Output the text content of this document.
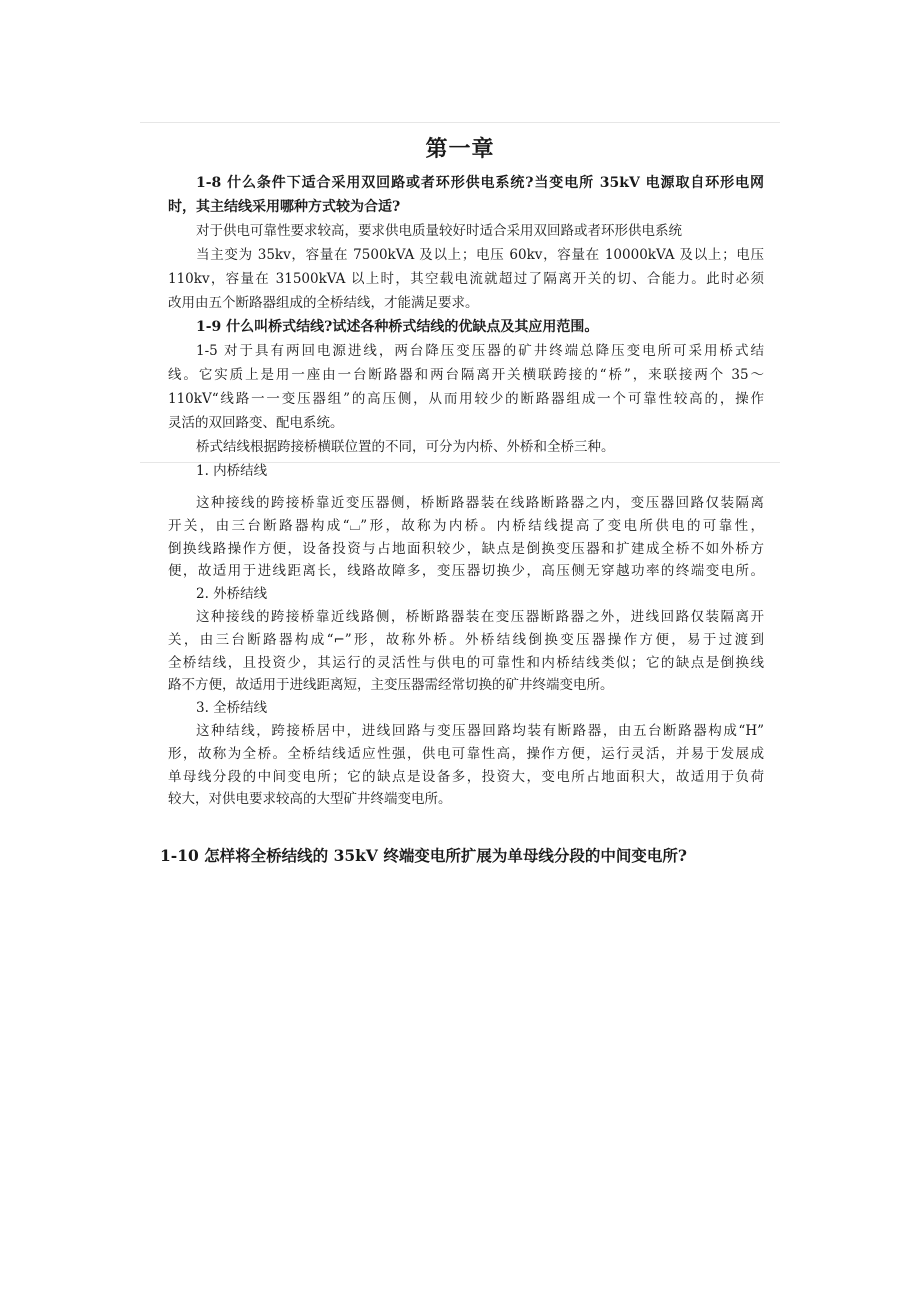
第一章
1-8 什么条件下适合采用双回路或者环形供电系统?当变电所 35kV 电源取自环形电网
时，其主结线采用哪种方式较为合适?
对于供电可靠性要求较高，要求供电质量较好时适合采用双回路或者环形供电系统
当主变为 35kv，容量在 7500kVA 及以上；电压 60kv，容量在 10000kVA 及以上；电压
110kv，容量在 31500kVA 以上时，其空载电流就超过了隔离开关的切、合能力。此时必须
改用由五个断路器组成的全桥结线，才能满足要求。
1-9 什么叫桥式结线?试述各种桥式结线的优缺点及其应用范围。
1-5 对于具有两回电源进线，两台降压变压器的矿井终端总降压变电所可采用桥式结
线。它实质上是用一座由一台断路器和两台隔离开关横联跨接的“桥”，来联接两个 35～
110kV“线路一一变压器组”的高压侧，从而用较少的断路器组成一个可靠性较高的，操作
灵活的双回路变、配电系统。
桥式结线根据跨接桥横联位置的不同，可分为内桥、外桥和全桥三种。
1. 内桥结线
这种接线的跨接桥靠近变压器侧，桥断路器装在线路断路器之内，变压器回路仅装隔离
开关，由三台断路器构成“⌴”形，故称为内桥。内桥结线提高了变电所供电的可靠性，
倒换线路操作方便，设备投资与占地面积较少，缺点是倒换变压器和扩建成全桥不如外桥方
便，故适用于进线距离长，线路故障多，变压器切换少，高压侧无穿越功率的终端变电所。
2. 外桥结线
这种接线的跨接桥靠近线路侧，桥断路器装在变压器断路器之外，进线回路仅装隔离开
关，由三台断路器构成“⌐”形，故称外桥。外桥结线倒换变压器操作方便，易于过渡到
全桥结线，且投资少，其运行的灵活性与供电的可靠性和内桥结线类似；它的缺点是倒换线
路不方便，故适用于进线距离短，主变压器需经常切换的矿井终端变电所。
3. 全桥结线
这种结线，跨接桥居中，进线回路与变压器回路均装有断路器，由五台断路器构成“H”
形，故称为全桥。全桥结线适应性强，供电可靠性高，操作方便，运行灵活，并易于发展成
单母线分段的中间变电所；它的缺点是设备多，投资大，变电所占地面积大，故适用于负荷
较大，对供电要求较高的大型矿井终端变电所。
1-10 怎样将全桥结线的 35kV 终端变电所扩展为单母线分段的中间变电所?
